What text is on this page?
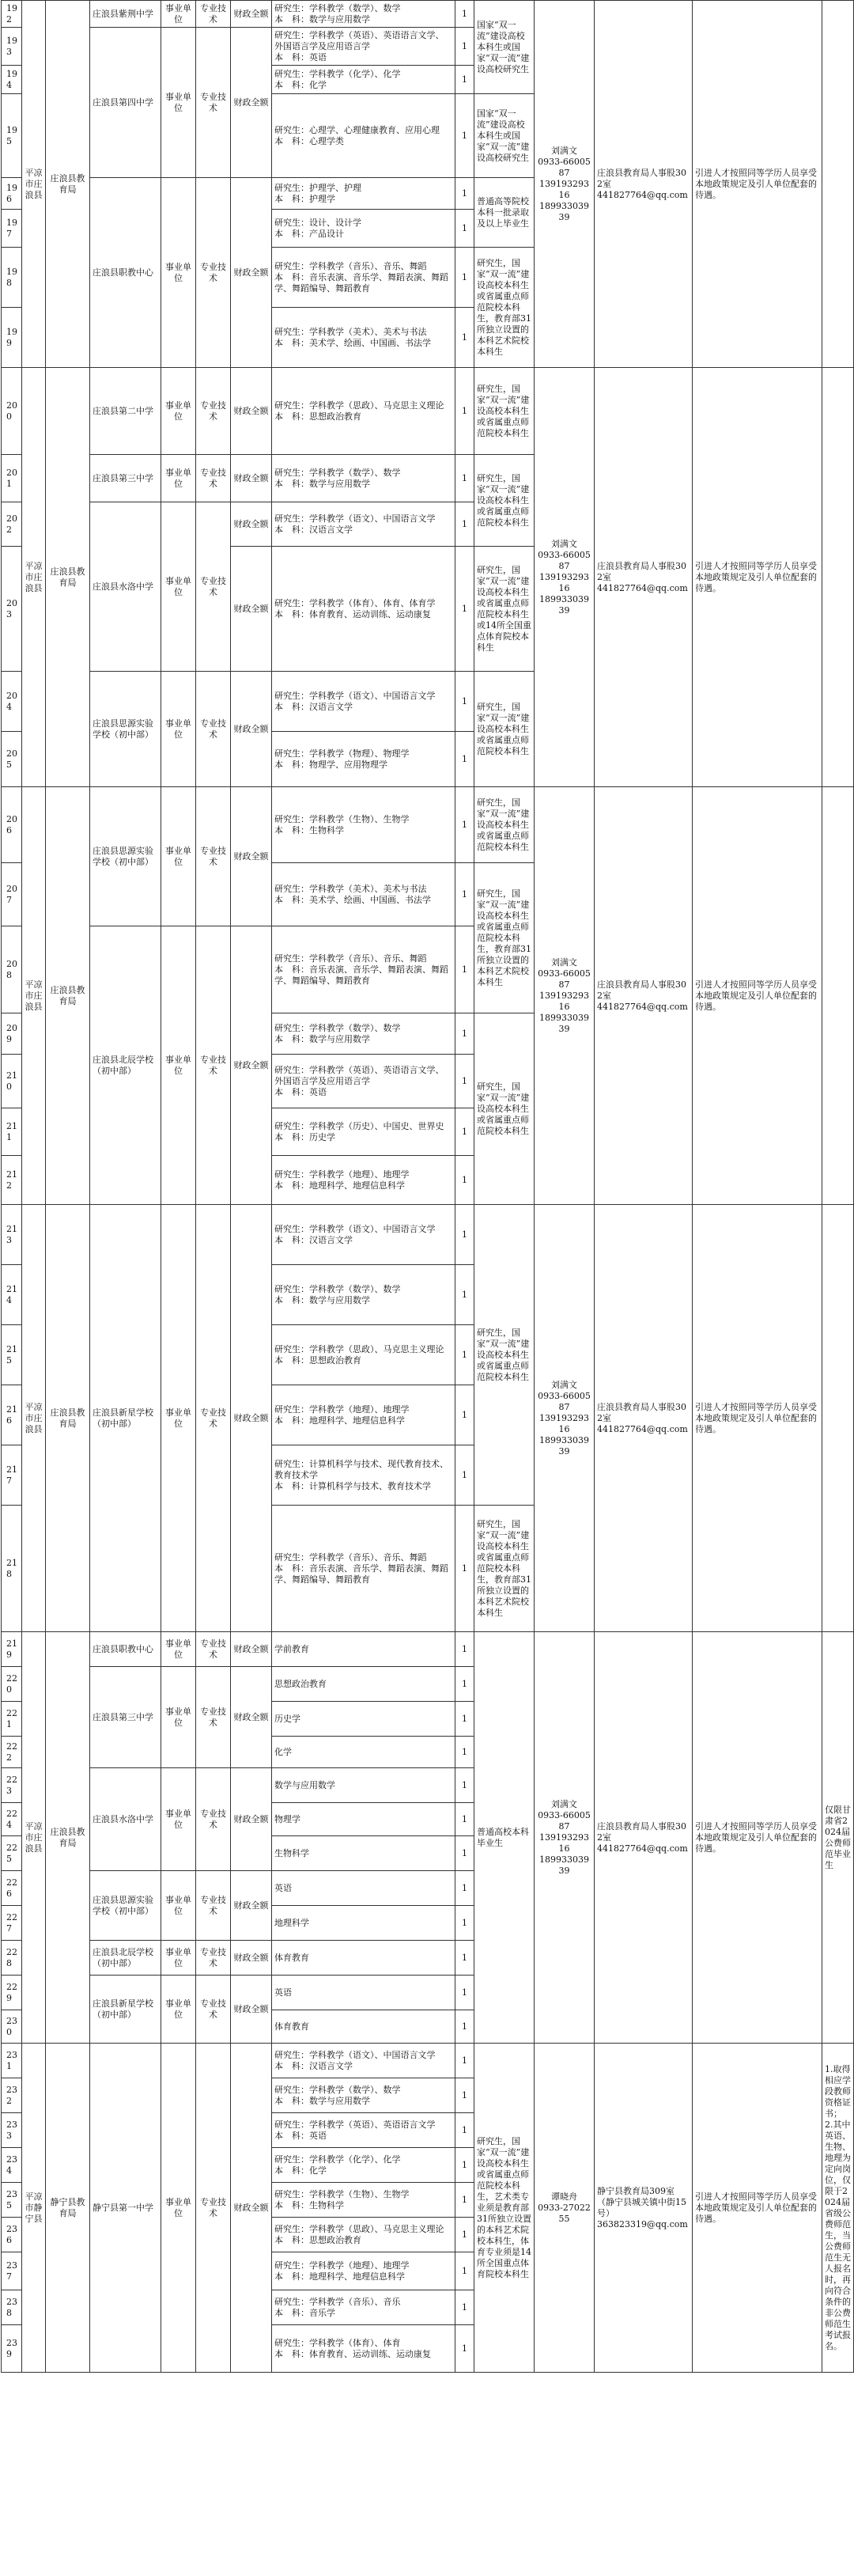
192	平凉市庄浪县	庄浪县教育局	庄浪县紫荆中学	事业单位	专业技术	财政全额	研究生：学科教学（数学）、数学
本　科：数学与应用数学	1	国家“双一流”建设高校本科生或国家“双一流”建设高校研究生	刘满文
0933-6600587
13919329316
18993303939	庄浪县教育局人事股302室
441827764@qq.com	引进人才按照同等学历人员享受本地政策规定及引人单位配套的待遇。	
193			庄浪县第四中学	事业单位	专业技术	财政全额	研究生：学科教学（英语）、英语语言文学、外国语言学及应用语言学
本　科：英语	1					
194							研究生：学科教学（化学）、化学
本　科：化学	1					
195							研究生：心理学、心理健康教育、应用心理
本　科：心理学类	1	国家“双一流”建设高校本科生或国家“双一流”建设高校研究生				
196			庄浪县职教中心	事业单位	专业技术	财政全额	研究生：护理学、护理
本　科：护理学	1	普通高等院校本科一批录取及以上毕业生				
197							研究生：设计、设计学
本　科：产品设计	1					
198							研究生：学科教学（音乐）、音乐、舞蹈
本　科：音乐表演、音乐学、舞蹈表演、舞蹈学、舞蹈编导、舞蹈教育	1	研究生，国家“双一流”建设高校本科生或省属重点师范院校本科生，教育部31所独立设置的本科艺术院校本科生				
199							研究生：学科教学（美术）、美术与书法
本　科：美术学、绘画、中国画、书法学	1					
200	平凉市庄浪县	庄浪县教育局	庄浪县第二中学	事业单位	专业技术	财政全额	研究生：学科教学（思政）、马克思主义理论
本　科：思想政治教育	1	研究生，国家“双一流”建设高校本科生或省属重点师范院校本科生	刘满文
0933-6600587
13919329316
18993303939	庄浪县教育局人事股302室
441827764@qq.com	引进人才按照同等学历人员享受本地政策规定及引人单位配套的待遇。	
201			庄浪县第三中学	事业单位	专业技术	财政全额	研究生：学科教学（数学）、数学
本　科：数学与应用数学	1	研究生，国家“双一流”建设高校本科生或省属重点师范院校本科生				
202			庄浪县水洛中学	事业单位	专业技术	财政全额	研究生：学科教学（语文）、中国语言文学
本　科：汉语言文学	1					
203						财政全额	研究生：学科教学（体育）、体育、体育学
本　科：体育教育、运动训练、运动康复	1	研究生，国家“双一流”建设高校本科生或省属重点师范院校本科生或14所全国重点体育院校本科生				
204			庄浪县思源实验学校（初中部）	事业单位	专业技术	财政全额	研究生：学科教学（语文）、中国语言文学
本　科：汉语言文学	1	研究生，国家“双一流”建设高校本科生或省属重点师范院校本科生				
205							研究生：学科教学（物理）、物理学
本　科：物理学、应用物理学	1					
206	平凉市庄浪县	庄浪县教育局	庄浪县思源实验学校（初中部）	事业单位	专业技术	财政全额	研究生：学科教学（生物）、生物学
本　科：生物科学	1	研究生，国家“双一流”建设高校本科生或省属重点师范院校本科生	刘满文
0933-6600587
13919329316
18993303939	庄浪县教育局人事股302室
441827764@qq.com	引进人才按照同等学历人员享受本地政策规定及引人单位配套的待遇。	
207							研究生：学科教学（美术）、美术与书法
本　科：美术学、绘画、中国画、书法学	1	研究生，国家“双一流”建设高校本科生或省属重点师范院校本科生，教育部31所独立设置的本科艺术院校本科生				
208			庄浪县北辰学校（初中部）	事业单位	专业技术	财政全额	研究生：学科教学（音乐）、音乐、舞蹈
本　科：音乐表演、音乐学、舞蹈表演、舞蹈学、舞蹈编导、舞蹈教育	1					
209							研究生：学科教学（数学）、数学
本　科：数学与应用数学	1	研究生，国家“双一流”建设高校本科生或省属重点师范院校本科生				
210							研究生：学科教学（英语）、英语语言文学、外国语言学及应用语言学
本　科：英语	1					
211							研究生：学科教学（历史）、中国史、世界史
本　科：历史学	1					
212							研究生：学科教学（地理）、地理学
本　科：地理科学、地理信息科学	1					
213	平凉市庄浪县	庄浪县教育局	庄浪县新星学校（初中部）	事业单位	专业技术	财政全额	研究生：学科教学（语文）、中国语言文学
本　科：汉语言文学	1	研究生，国家“双一流”建设高校本科生或省属重点师范院校本科生	刘满文
0933-6600587
13919329316
18993303939	庄浪县教育局人事股302室
441827764@qq.com	引进人才按照同等学历人员享受本地政策规定及引人单位配套的待遇。	
214							研究生：学科教学（数学）、数学
本　科：数学与应用数学	1					
215							研究生：学科教学（思政）、马克思主义理论
本　科：思想政治教育	1					
216							研究生：学科教学（地理）、地理学
本　科：地理科学、地理信息科学	1					
217							研究生：计算机科学与技术、现代教育技术、教育技术学
本　科：计算机科学与技术、教育技术学	1					
218							研究生：学科教学（音乐）、音乐、舞蹈
本　科：音乐表演、音乐学、舞蹈表演、舞蹈学、舞蹈编导、舞蹈教育	1	研究生，国家“双一流”建设高校本科生或省属重点师范院校本科生，教育部31所独立设置的本科艺术院校本科生				
219	平凉市庄浪县	庄浪县教育局	庄浪县职教中心	事业单位	专业技术	财政全额	学前教育	1	普通高校本科毕业生	刘满文
0933-6600587
13919329316
18993303939	庄浪县教育局人事股302室
441827764@qq.com	引进人才按照同等学历人员享受本地政策规定及引人单位配套的待遇。	仅限甘肃省2024届公费师范毕业生
220			庄浪县第三中学	事业单位	专业技术	财政全额	思想政治教育	1					
221							历史学	1					
222							化学	1					
223			庄浪县水洛中学	事业单位	专业技术	财政全额	数学与应用数学	1					
224							物理学	1					
225							生物科学	1					
226			庄浪县思源实验学校（初中部）	事业单位	专业技术	财政全额	英语	1					
227							地理科学	1					
228			庄浪县北辰学校（初中部）	事业单位	专业技术	财政全额	体育教育	1					
229			庄浪县新星学校（初中部）	事业单位	专业技术	财政全额	英语	1					
230							体育教育	1					
231	平凉市静宁县	静宁县教育局	静宁县第一中学	事业单位	专业技术	财政全额	研究生：学科教学（语文）、中国语言文学
本　科：汉语言文学	1	研究生，国家“双一流”建设高校本科生或省属重点师范院校本科生，艺术类专业须是教育部31所独立设置的本科艺术院校本科生，体育专业须是14所全国重点体育院校本科生	谭晓舟
0933-2702255	静宁县教育局309室（静宁县城关镇中街15号）
363823319@qq.com	引进人才按照同等学历人员享受本地政策规定及引人单位配套的待遇。	1.取得相应学段教师资格证书；
2.其中英语、生物、地理为定向岗位，仅限于2024届省级公费师范生，当公费师范生无人报名时，再向符合条件的非公费师范生考试报名。
232							研究生：学科教学（数学）、数学
本　科：数学与应用数学	1					
233							研究生：学科教学（英语）、英语语言文学
本　科：英语	1					
234							研究生：学科教学（化学）、化学
本　科：化学	1					
235							研究生：学科教学（生物）、生物学
本　科：生物科学	1					
236							研究生：学科教学（思政）、马克思主义理论
本　科：思想政治教育	1					
237							研究生：学科教学（地理）、地理学
本　科：地理科学、地理信息科学	1					
238							研究生：学科教学（音乐）、音乐
本　科：音乐学	1					
239							研究生：学科教学（体育）、体育
本　科：体育教育、运动训练、运动康复	1					
